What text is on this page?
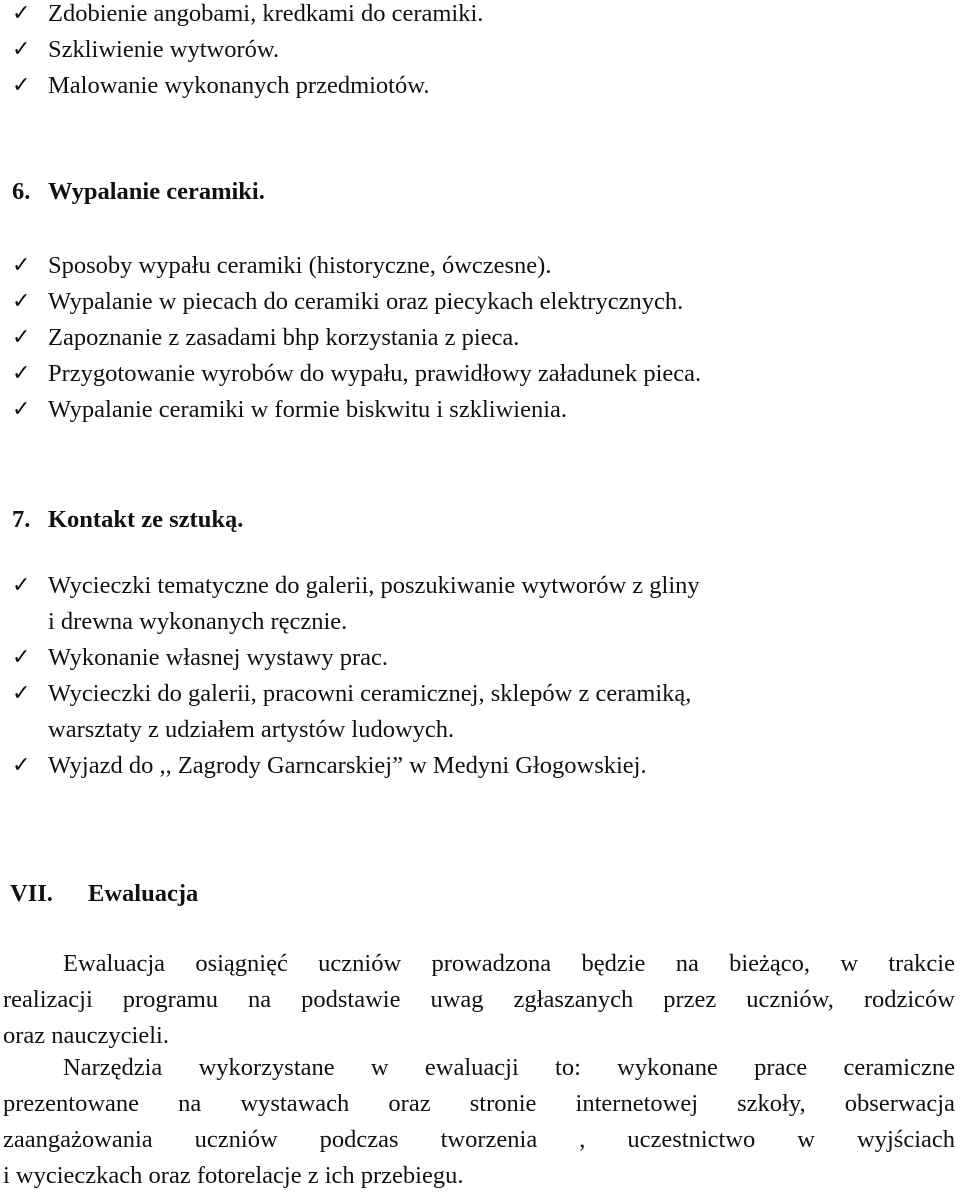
✓ Zdobienie angobami, kredkami do ceramiki.

✓ Szkliwienie wytworów.

✓ Malowanie wykonanych przedmiotów.

6. Wypalanie ceramiki.

✓ Sposoby wypału ceramiki (historyczne, ówczesne).

✓ Wypalanie w piecach do ceramiki oraz piecykach elektrycznych.

✓ Zapoznanie z zasadami bhp korzystania z pieca.

✓ Przygotowanie wyrobów do wypału, prawidłowy załadunek pieca.

✓ Wypalanie ceramiki w formie biskwitu i szkliwienia.

7. Kontakt ze sztuką.

✓ Wycieczki tematyczne do galerii, poszukiwanie wytworów z gliny
i drewna wykonanych ręcznie.

✓ Wykonanie własnej wystawy prac.

✓ Wycieczki do galerii, pracowni ceramicznej, sklepów z ceramiką,
warsztaty z udziałem artystów ludowych.

✓ Wyjazd do ,, Zagrody Garncarskiej” w Medyni Głogowskiej.

VII. Ewaluacja
Ewaluacja osiągnięć uczniów prowadzona będzie na bieżąco, w trakcie
realizacji programu na podstawie uwag zgłaszanych przez uczniów, rodziców
oraz nauczycieli.
Narzędzia wykorzystane w ewaluacji to: wykonane prace ceramiczne
prezentowane na wystawach oraz stronie internetowej szkoły, obserwacja
zaangażowania uczniów podczas tworzenia , uczestnictwo w wyjściach
i wycieczkach oraz fotorelacje z ich przebiegu.
